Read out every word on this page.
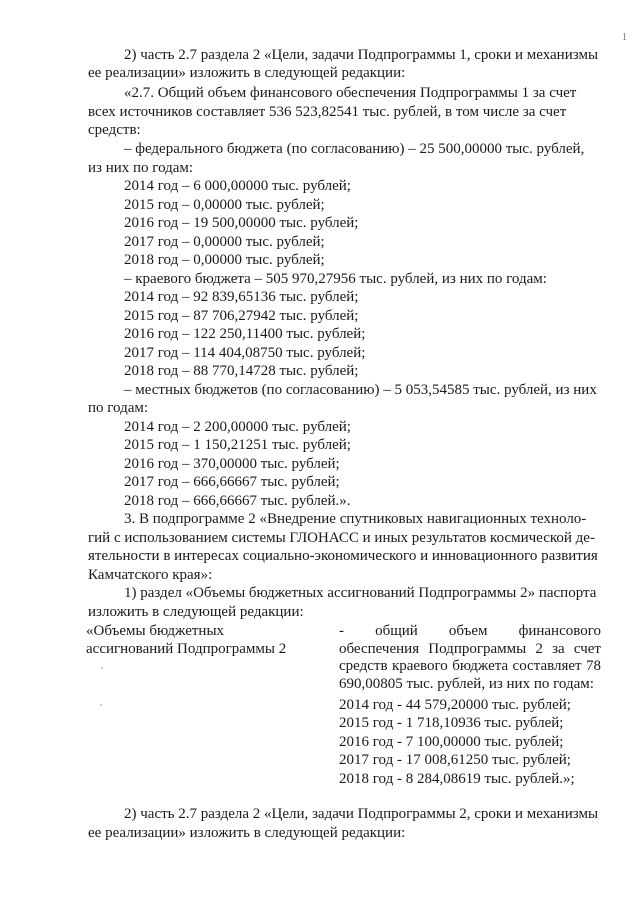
1
2) часть 2.7 раздела 2 «Цели, задачи Подпрограммы 1, сроки и механизмы
ее реализации» изложить в следующей редакции:
«2.7. Общий объем финансового обеспечения Подпрограммы 1 за счет
всех источников составляет 536 523,82541 тыс. рублей, в том числе за счет
средств:
– федерального бюджета (по согласованию) – 25 500,00000 тыс. рублей,
из них по годам:
2014 год – 6 000,00000 тыс. рублей;
2015 год – 0,00000 тыс. рублей;
2016 год – 19 500,00000 тыс. рублей;
2017 год – 0,00000 тыс. рублей;
2018 год – 0,00000 тыс. рублей;
– краевого бюджета – 505 970,27956 тыс. рублей, из них по годам:
2014 год – 92 839,65136 тыс. рублей;
2015 год – 87 706,27942 тыс. рублей;
2016 год – 122 250,11400 тыс. рублей;
2017 год – 114 404,08750 тыс. рублей;
2018 год – 88 770,14728 тыс. рублей;
– местных бюджетов (по согласованию) – 5 053,54585 тыс. рублей, из них
по годам:
2014 год – 2 200,00000 тыс. рублей;
2015 год – 1 150,21251 тыс. рублей;
2016 год – 370,00000 тыс. рублей;
2017 год – 666,66667 тыс. рублей;
2018 год – 666,66667 тыс. рублей.».
3. В подпрограмме 2 «Внедрение спутниковых навигационных техноло-
гий с использованием системы ГЛОНАСС и иных результатов космической де-
ятельности в интересах социально-экономического и инновационного развития
Камчатского края»:
1) раздел «Объемы бюджетных ассигнований Подпрограммы 2» паспорта
изложить в следующей редакции:
«Объемы бюджетных
ассигнований Подпрограммы 2
- общий объем финансового обеспечения Подпрограммы 2 за счет средств краевого бюджета составляет 78 690,00805 тыс. рублей, из них по годам:
2014 год - 44 579,20000 тыс. рублей;
2015 год - 1 718,10936 тыс. рублей;
2016 год - 7 100,00000 тыс. рублей;
2017 год - 17 008,61250 тыс. рублей;
2018 год - 8 284,08619 тыс. рублей.»;
2) часть 2.7 раздела 2 «Цели, задачи Подпрограммы 2, сроки и механизмы
ее реализации» изложить в следующей редакции:
